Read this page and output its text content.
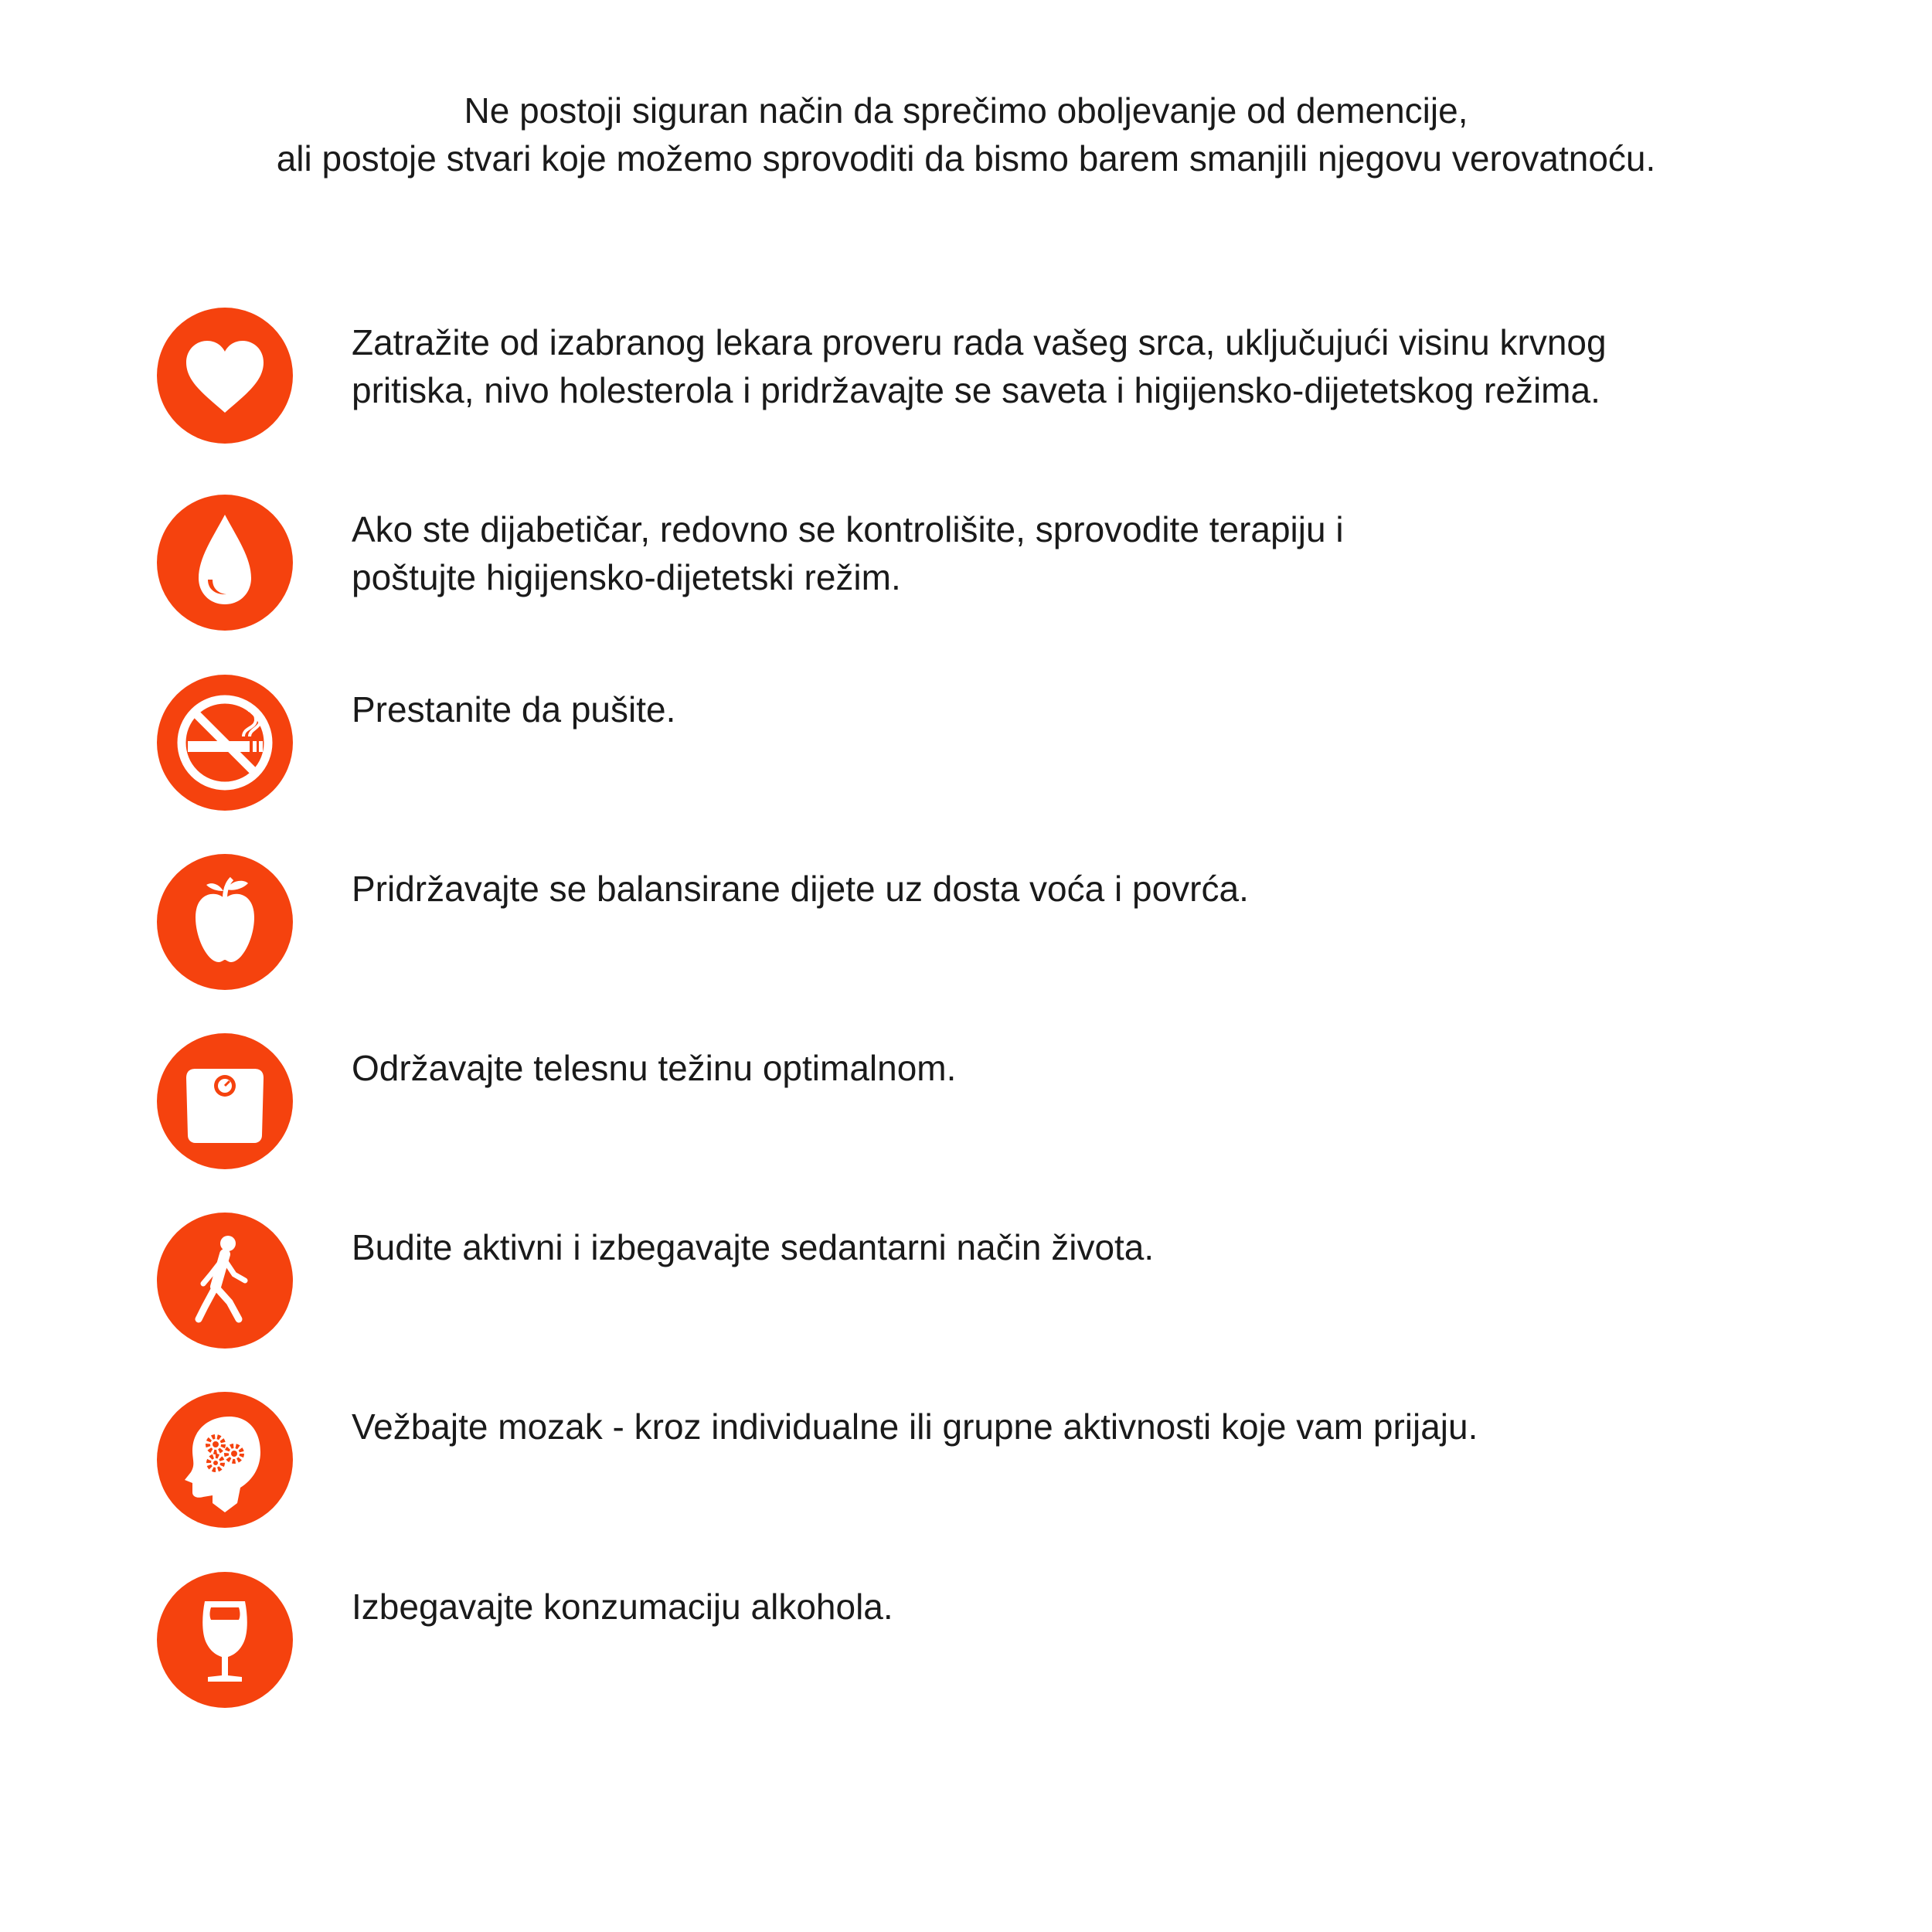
Ne postoji siguran način da sprečimo oboljevanje od demencije,

ali postoje stvari koje možemo sprovoditi da bismo barem smanjili njegovu verovatnoću.

Zatražite od izabranog lekara proveru rada vašeg srca, uključujući visinu krvnog

pritiska, nivo holesterola i pridržavajte se saveta i higijensko-dijetetskog režima.

Ako ste dijabetičar, redovno se kontrolišite, sprovodite terapiju i

poštujte higijensko-dijetetski režim.

Prestanite da pušite.

Pridržavajte se balansirane dijete uz dosta voća i povrća.

Održavajte telesnu težinu optimalnom.

Budite aktivni i izbegavajte sedantarni način života.

Vežbajte mozak - kroz individualne ili grupne aktivnosti koje vam prijaju.

Izbegavajte konzumaciju alkohola.
